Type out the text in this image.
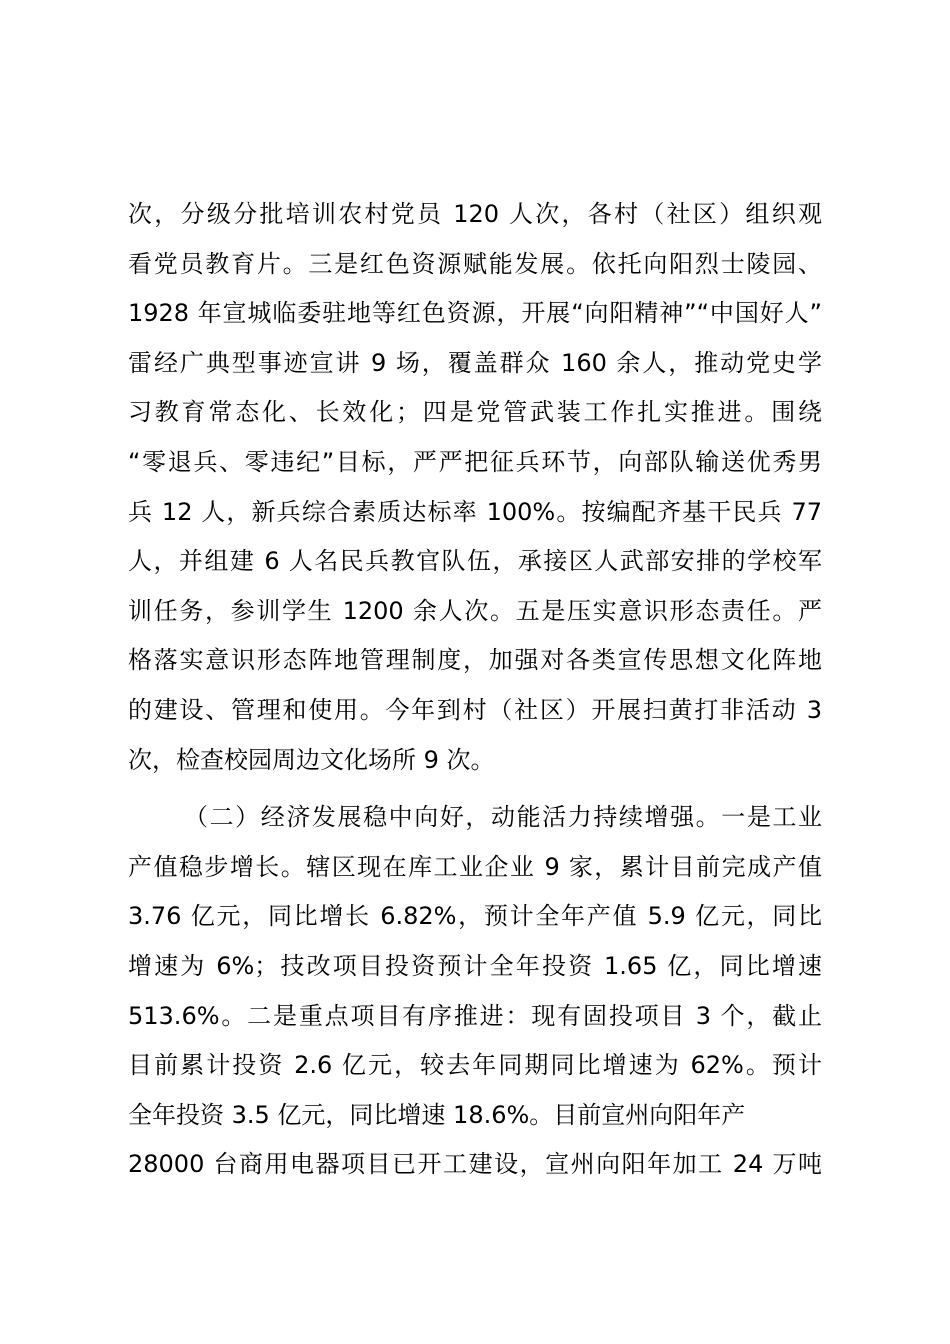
次，分级分批培训农村党员 120 人次，各村（社区）组织观
看党员教育片。三是红色资源赋能发展。依托向阳烈士陵园、
1928 年宣城临委驻地等红色资源，开展“向阳精神”“中国好人”
雷经广典型事迹宣讲 9 场，覆盖群众 160 余人，推动党史学
习教育常态化、长效化；四是党管武装工作扎实推进。围绕
“零退兵、零违纪”目标，严严把征兵环节，向部队输送优秀男
兵 12 人，新兵综合素质达标率 100%。按编配齐基干民兵 77
人，并组建 6 人名民兵教官队伍，承接区人武部安排的学校军
训任务，参训学生 1200 余人次。五是压实意识形态责任。严
格落实意识形态阵地管理制度，加强对各类宣传思想文化阵地
的建设、管理和使用。今年到村（社区）开展扫黄打非活动 3
次，检查校园周边文化场所 9 次。
（二）经济发展稳中向好，动能活力持续增强。一是工业
产值稳步增长。辖区现在库工业企业 9 家，累计目前完成产值
3.76 亿元，同比增长 6.82%，预计全年产值 5.9 亿元，同比
增速为 6%；技改项目投资预计全年投资 1.65 亿，同比增速
513.6%。二是重点项目有序推进：现有固投项目 3 个，截止
目前累计投资 2.6 亿元，较去年同期同比增速为 62%。预计
全年投资 3.5 亿元，同比增速 18.6%。目前宣州向阳年产
28000 台商用电器项目已开工建设，宣州向阳年加工 24 万吨
